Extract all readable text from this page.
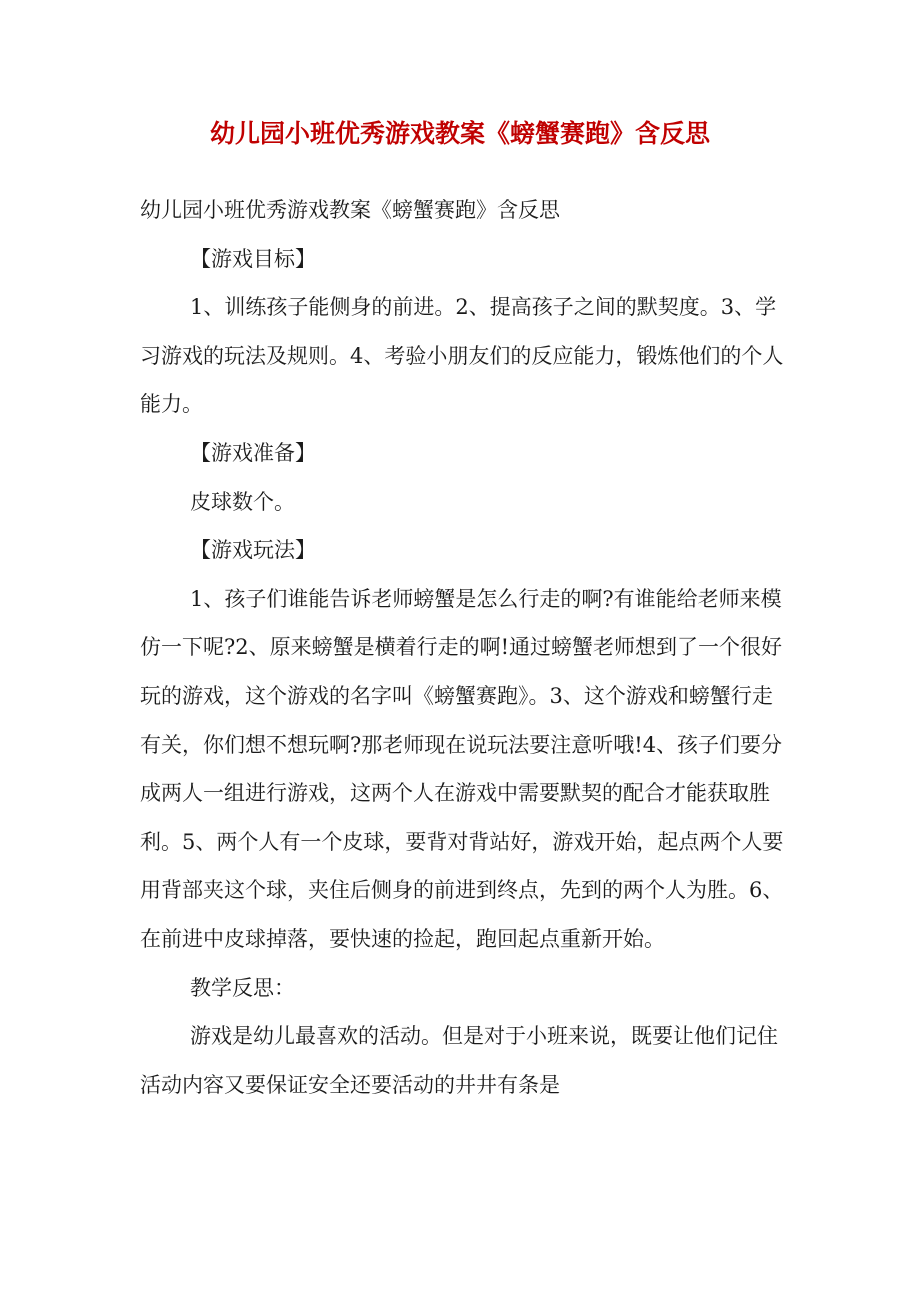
幼儿园小班优秀游戏教案《螃蟹赛跑》含反思

幼儿园小班优秀游戏教案《螃蟹赛跑》含反思

【游戏目标】

1、训练孩子能侧身的前进。2、提高孩子之间的默契度。3、学习游戏的玩法及规则。4、考验小朋友们的反应能力，锻炼他们的个人能力。

【游戏准备】

皮球数个。

【游戏玩法】

1、孩子们谁能告诉老师螃蟹是怎么行走的啊?有谁能给老师来模仿一下呢?2、原来螃蟹是横着行走的啊!通过螃蟹老师想到了一个很好玩的游戏，这个游戏的名字叫《螃蟹赛跑》。3、这个游戏和螃蟹行走有关，你们想不想玩啊?那老师现在说玩法要注意听哦!4、孩子们要分成两人一组进行游戏，这两个人在游戏中需要默契的配合才能获取胜利。5、两个人有一个皮球，要背对背站好，游戏开始，起点两个人要用背部夹这个球，夹住后侧身的前进到终点，先到的两个人为胜。6、在前进中皮球掉落，要快速的捡起，跑回起点重新开始。

教学反思：

游戏是幼儿最喜欢的活动。但是对于小班来说，既要让他们记住活动内容又要保证安全还要活动的井井有条是
